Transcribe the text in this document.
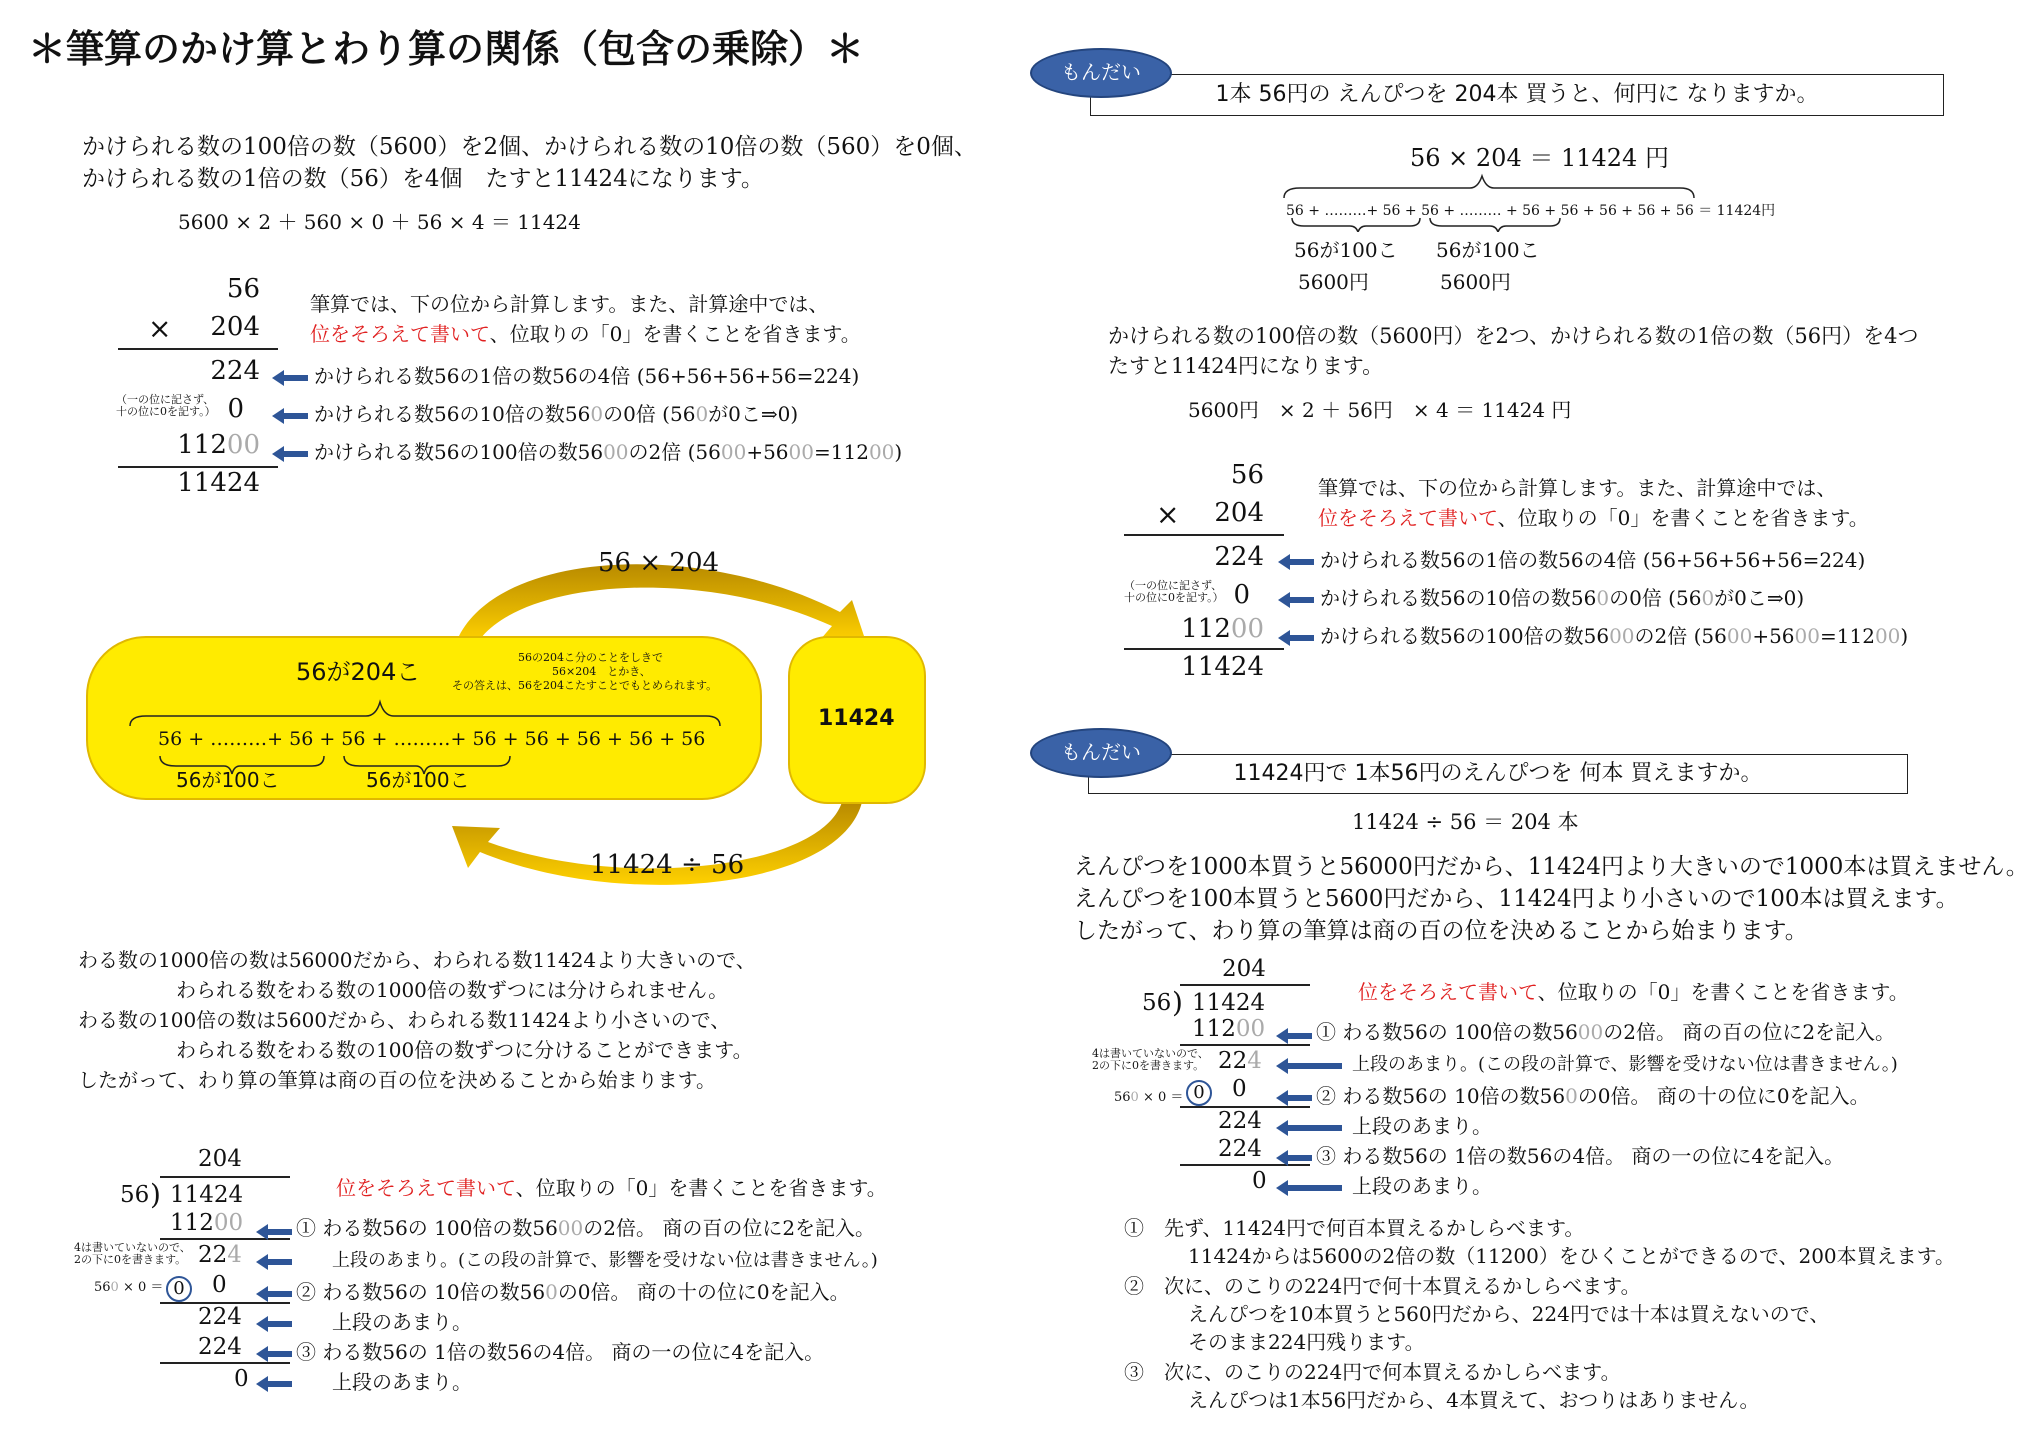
＊筆算のかけ算とわり算の関係（包含の乗除）＊
かけられる数の100倍の数（5600）を2個、かけられる数の10倍の数（560）を0個、
かけられる数の1倍の数（56）を4個　たすと11424になります。
5600 × 2 ＋ 560 × 0 ＋ 56 × 4 ＝ 11424
56
×	204
224
（一の位に記さず、
十の位に0を記す。） 0
11200
11424
筆算では、下の位から計算します。また、計算途中では、
位をそろえて書いて、位取りの「0」を書くことを省きます。
かけられる数56の1倍の数56の4倍 (56+56+56+56=224)
かけられる数56の10倍の数560の0倍 (560が0こ⇒0)
かけられる数56の100倍の数5600の2倍 (5600+5600=11200)
56 × 204
11424 ÷ 56
56が204こ
56の204こ分のことをしきで
56×204　とかき、
その答えは、56を204こたすことでもとめられます。
56 + ………+ 56 + 56 + ………+ 56 + 56 + 56 + 56 + 56
56が100こ	56が100こ
11424
わる数の1000倍の数は56000だから、わられる数11424より大きいので、
わられる数をわる数の1000倍の数ずつには分けられません。
わる数の100倍の数は5600だから、わられる数11424より小さいので、
わられる数をわる数の100倍の数ずつに分けることができます。
したがって、わり算の筆算は商の百の位を決めることから始まります。
204
56 ) 11424
11200
4は書いていないので、
2の下に0を書きます。 224
560 × 0 ＝ 0	0
224
224
0
位をそろえて書いて、位取りの「0」を書くことを省きます。
① わる数56の 100倍の数5600の2倍。 商の百の位に2を記入。
上段のあまり。(この段の計算で、影響を受けない位は書きません。)
② わる数56の 10倍の数560の0倍。 商の十の位に0を記入。
上段のあまり。
③ わる数56の 1倍の数56の4倍。 商の一の位に4を記入。
上段のあまり。
1本 56円の えんぴつを 204本 買うと、何円に なりますか。
もんだい
56 × 204 ＝ 11424 円
56 + ………+ 56 + 56 + ……… + 56 + 56 + 56 + 56 + 56 ＝ 11424円
56が100こ
5600円
56が100こ
5600円
かけられる数の100倍の数（5600円）を2つ、かけられる数の1倍の数（56円）を4つ
たすと11424円になります。
5600円　× 2 ＋ 56円　× 4 ＝ 11424 円
56
×	204
224
（一の位に記さず、
十の位に0を記す。） 0
11200
11424
筆算では、下の位から計算します。また、計算途中では、
位をそろえて書いて、位取りの「0」を書くことを省きます。
かけられる数56の1倍の数56の4倍 (56+56+56+56=224)
かけられる数56の10倍の数560の0倍 (560が0こ⇒0)
かけられる数56の100倍の数5600の2倍 (5600+5600=11200)
11424円で 1本56円のえんぴつを 何本 買えますか。
もんだい
11424 ÷ 56 ＝ 204 本
えんぴつを1000本買うと56000円だから、11424円より大きいので1000本は買えません。
えんぴつを100本買うと5600円だから、11424円より小さいので100本は買えます。
したがって、わり算の筆算は商の百の位を決めることから始まります。
204
56 ) 11424
11200
4は書いていないので、
2の下に0を書きます。 224
560 × 0 ＝ 0	0
224
224
0
位をそろえて書いて、位取りの「0」を書くことを省きます。
① わる数56の 100倍の数5600の2倍。 商の百の位に2を記入。
上段のあまり。(この段の計算で、影響を受けない位は書きません。)
② わる数56の 10倍の数560の0倍。 商の十の位に0を記入。
上段のあまり。
③ わる数56の 1倍の数56の4倍。 商の一の位に4を記入。
上段のあまり。
①　先ず、11424円で何百本買えるかしらべます。
11424からは5600の2倍の数（11200）をひくことができるので、200本買えます。
②　次に、のこりの224円で何十本買えるかしらべます。
えんぴつを10本買うと560円だから、224円では十本は買えないので、
そのまま224円残ります。
③　次に、のこりの224円で何本買えるかしらべます。
えんぴつは1本56円だから、4本買えて、おつりはありません。
